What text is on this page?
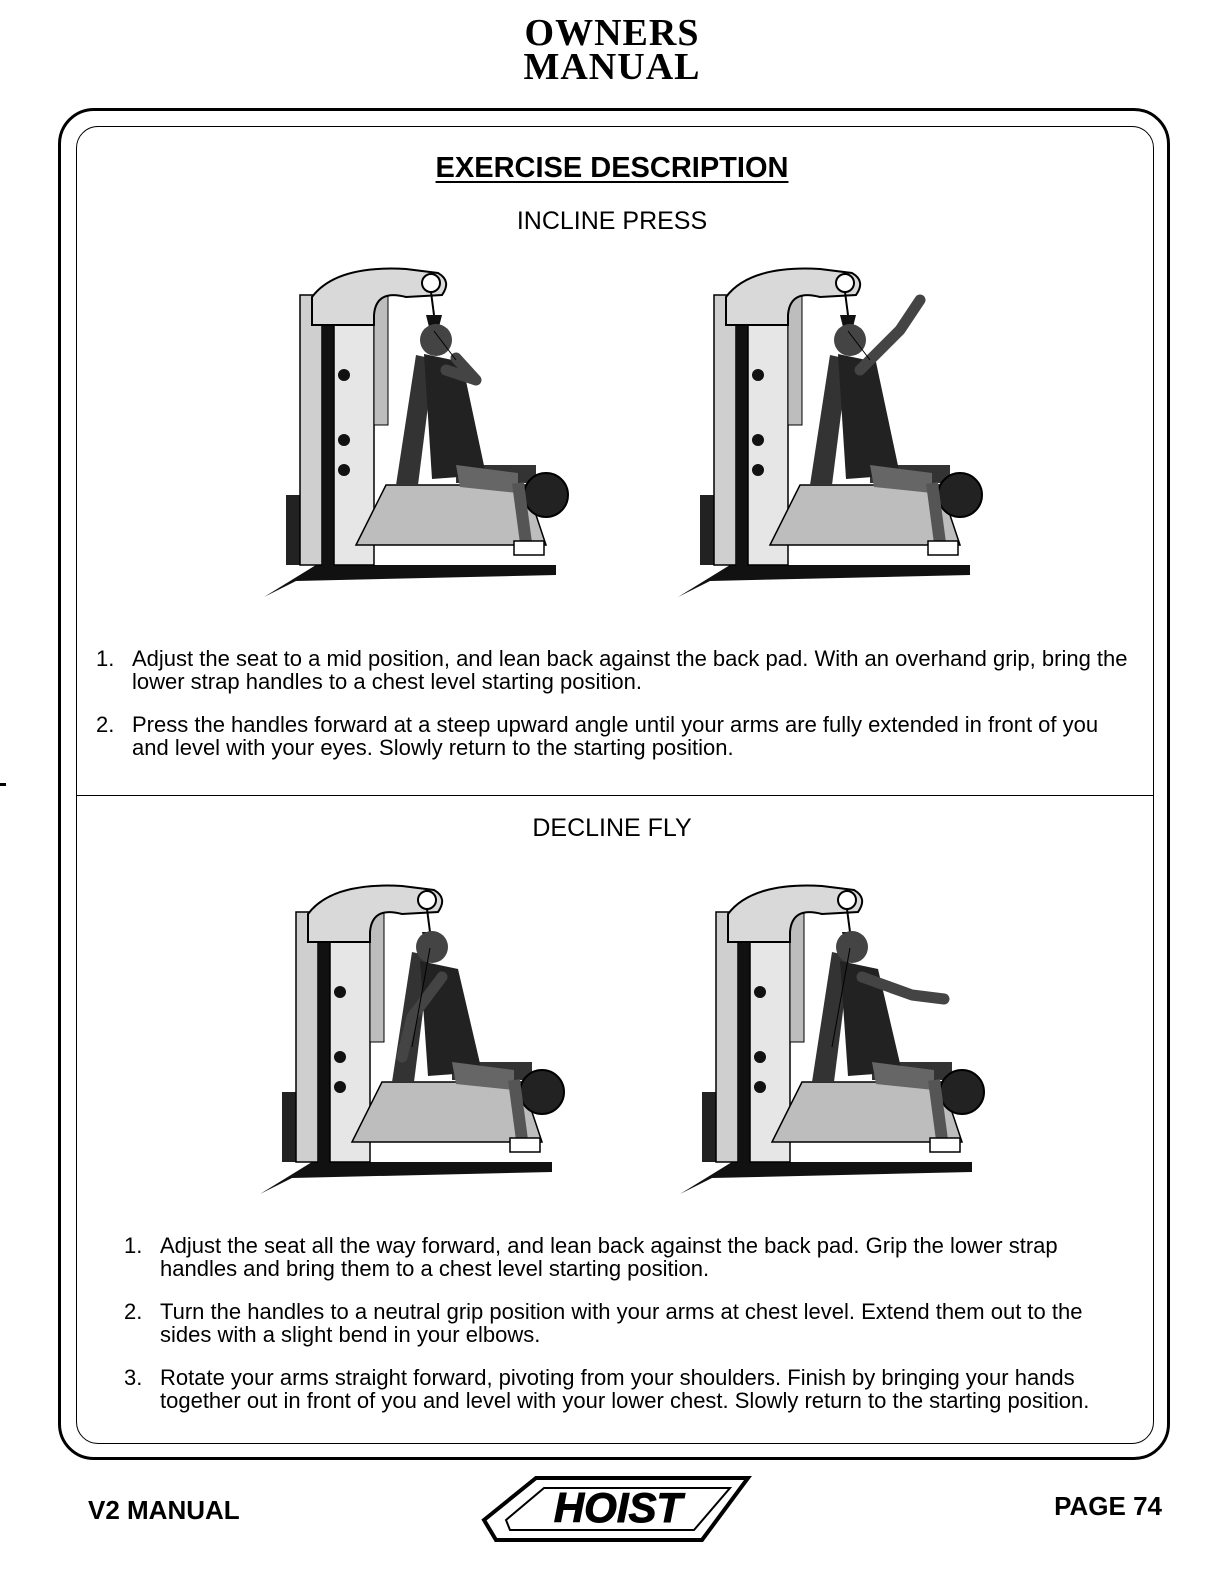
OWNERS
MANUAL
EXERCISE DESCRIPTION
INCLINE PRESS
1. Adjust the seat to a mid position, and lean back against the back pad. With an overhand grip, bring the lower strap handles to a chest level starting position.
2. Press the handles forward at a steep upward angle until your arms are fully extended in front of you and level with your eyes. Slowly return to the starting position.
DECLINE FLY
1. Adjust the seat all the way forward, and lean back against the back pad. Grip the lower strap handles and bring them to a chest level starting position.
2. Turn the handles to a neutral grip position with your arms at chest level. Extend them out to the sides with a slight bend in your elbows.
3. Rotate your arms straight forward, pivoting from your shoulders. Finish by bringing your hands together out in front of you and level with your lower chest. Slowly return to the starting position.
V2 MANUAL	HOIST	PAGE 74
